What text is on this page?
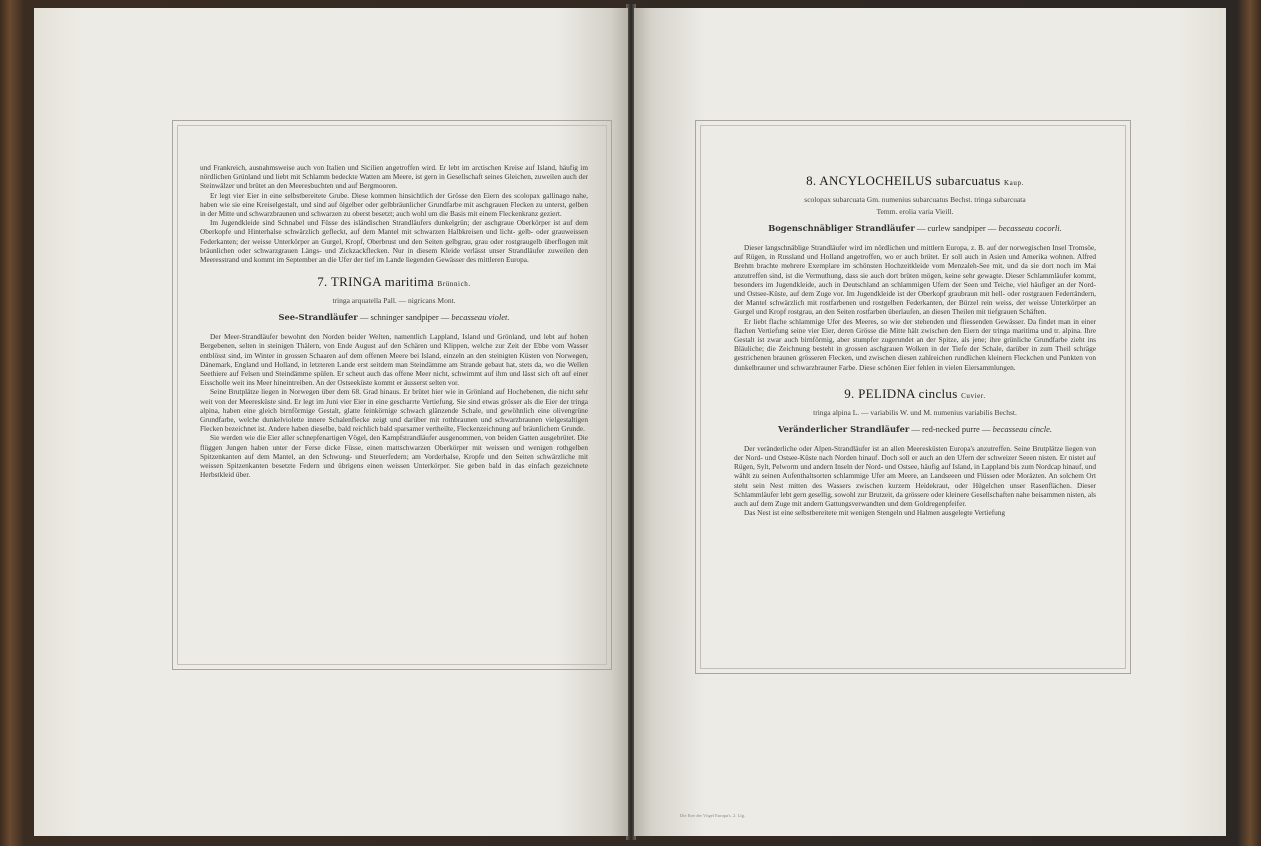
und Frankreich, ausnahmsweise auch von Italien und Sicilien angetroffen wird. Er lebt im arctischen Kreise auf Island, häufig im nördlichen Grünland und liebt mit Schlamm bedeckte Watten am Meere, ist gern in Gesellschaft seines Gleichen, zuweilen auch der Steinwälzer und brütet an den Meeresbuchten und auf Bergmooren.

Er legt vier Eier in eine selbstbereitete Grube. Diese kommen hinsichtlich der Grösse den Eiern des scolopax gallinago nahe, haben wie sie eine Kreiselgestalt, und sind auf ölgelber oder gelbbräunlicher Grundfarbe mit aschgrauen Flecken zu unterst, gelben in der Mitte und schwarzbraunen und schwarzen zu oberst besetzt; auch wohl um die Basis mit einem Fleckenkranz geziert.

Im Jugendkleide sind Schnabel und Füsse des isländischen Strandläufers dunkelgrün; der aschgraue Oberkörper ist auf dem Oberkopfe und Hinterhalse schwärzlich gefleckt, auf dem Mantel mit schwarzen Halbkreisen und licht- gelb- oder grauweissen Federkanten; der weisse Unterkörper an Gurgel, Kropf, Oberbrust und den Seiten gelbgrau, grau oder rostgraugelb überflogen mit bräunlichen oder schwarzgrauen Längs- und Zickzackflecken. Nur in diesem Kleide verlässt unser Strandläufer zuweilen den Meeresstrand und kommt im September an die Ufer der tief im Lande liegenden Gewässer des mittleren Europa.

7. TRINGA maritima Brünnich.
tringa arquatella Pall. — nigricans Mont.
See-Strandläufer — schninger sandpiper — becasseau violet.

Der Meer-Strandläufer bewohnt den Norden beider Welten, namentlich Lappland, Island und Grönland, und lebt auf hohen Bergebenen, selten in steinigen Thälern, von Ende August auf den Schären und Klippen, welche zur Zeit der Ebbe vom Wasser entblösst sind, im Winter in grossen Schaaren auf dem offenen Meere bei Island, einzeln an den steinigten Küsten von Norwegen, Dänemark, England und Holland, in letzteren Lande erst seitdem man Steindämme am Strande gebaut hat, stets da, wo die Wellen Seethiere auf Felsen und Steindämme spülen. Er scheut auch das offene Meer nicht, schwimmt auf ihm und lässt sich oft auf einer Eisscholle weit ins Meer hineintreiben. An der Ostseeküste kommt er äusserst selten vor.

Seine Brutplätze liegen in Norwegen über dem 68. Grad hinaus. Er brütet hier wie in Grönland auf Hochebenen, die nicht sehr weit von der Meeresküste sind. Er legt im Juni vier Eier in eine gescharrte Vertiefung. Sie sind etwas grösser als die Eier der tringa alpina, haben eine gleich birnförmige Gestalt, glatte feinkörnige schwach glänzende Schale, und gewöhnlich eine olivengrüne Grundfarbe, welche dunkelviolette innere Schalenflecke zeigt und darüber mit rothbraunen und schwarzbraunen vielgestaltigen Flecken bezeichnet ist. Andere haben dieselbe, bald reichlich bald sparsamer vertheilte, Fleckenzeichnung auf bräunlichem Grunde.

Sie werden wie die Eier aller schnepfenartigen Vögel, den Kampfstrandläufer ausgenommen, von beiden Gatten ausgebrütet. Die flüggen Jungen haben unter der Ferse dicke Füsse, einen mattschwarzen Oberkörper mit weissen und wenigen rothgelben Spitzenkanten auf dem Mantel, an den Schwung- und Steuerfedern; am Vorderhalse, Kropfe und den Seiten schwärzliche mit weissen Spitzenkanten besetzte Federn und übrigens einen weissen Unterkörper. Sie geben bald in das einfach gezeichnete Herbstkleid über.

8. ANCYLOCHEILUS subarcuatus Kaup.
scolopax subarcuata Gm. numenius subarcuatus Bechst. tringa subarcuata
Temm. erolia varia Vieill.
Bogenschnäbliger Strandläufer — curlew sandpiper — becasseau cocorli.

Dieser langschnäblige Strandläufer wird im nördlichen und mittlern Europa, z. B. auf der norwegischen Insel Tromsöe, auf Rügen, in Russland und Holland angetroffen, wo er auch brütet. Er soll auch in Asien und Amerika wohnen. Alfred Brehm brachte mehrere Exemplare im schönsten Hochzeitkleide vom Menzaleh-See mit, und da sie dort noch im Mai anzutreffen sind, ist die Vermuthung, dass sie auch dort brüten mögen, keine sehr gewagte. Dieser Schlammläufer kommt, besonders im Jugendkleide, auch in Deutschland an schlammigen Ufern der Seen und Teiche, viel häufiger an der Nord- und Ostsee-Küste, auf dem Zuge vor. Im Jugendkleide ist der Oberkopf graubraun mit hell- oder rostgrauen Federrändern, der Mantel schwärzlich mit rostfarbenen und rostgelben Federkanten, der Bürzel rein weiss, der weisse Unterkörper an Gurgel und Kropf rostgrau, an den Seiten rostfarben überlaufen, an diesen Theilen mit tiefgrauen Schäften.

Er liebt flache schlammige Ufer des Meeres, so wie der stehenden und fliessenden Gewässer. Da findet man in einer flachen Vertiefung seine vier Eier, deren Grösse die Mitte hält zwischen den Eiern der tringa maritima und tr. alpina. Ihre Gestalt ist zwar auch birnförmig, aber stumpfer zugerundet an der Spitze, als jene; ihre grünliche Grundfarbe zieht ins Bläuliche; die Zeichnung besteht in grossen aschgrauen Wolken in der Tiefe der Schale, darüber in zum Theil schräge gestrichenen braunen grösseren Flecken, und zwischen diesen zahlreichen rundlichen kleinern Fleckchen und Punkten von dunkelbrauner und schwarzbrauner Farbe. Diese schönen Eier fehlen in vielen Eiersammlungen.

9. PELIDNA cinclus Cuvier.
tringa alpina L. — variabilis W. und M. numenius variabilis Bechst.
Veränderlicher Strandläufer — red-necked purre — becasseau cincle.

Der veränderliche oder Alpen-Strandläufer ist an allen Meeresküsten Europa's anzutreffen. Seine Brutplätze liegen von der Nord- und Ostsee-Küste nach Norden hinauf. Doch soll er auch an den Ufern der schweizer Seeen nisten. Er nistet auf Rügen, Sylt, Pelworm und andern Inseln der Nord- und Ostsee, häufig auf Island, in Lappland bis zum Nordcap hinauf, und wählt zu seinen Aufenthaltsorten schlammige Ufer am Meere, an Landseeen und Flüssen oder Moräzten. An solchem Ort steht sein Nest mitten des Wassers zwischen kurzem Heidekraut, oder Hügelchen unser Rasenflächen. Dieser Schlammläufer lebt gern gesellig, sowohl zur Brutzeit, da grössere oder kleinere Gesellschaften nahe beisammen nisten, als auch auf dem Zuge mit andern Gattungsverwandten und dem Goldregenpfeifer.

Das Nest ist eine selbstbereitete mit wenigen Stengeln und Halmen ausgelegte Vertiefung

Die Eier der Vögel Europa's. 2. Lfg.
